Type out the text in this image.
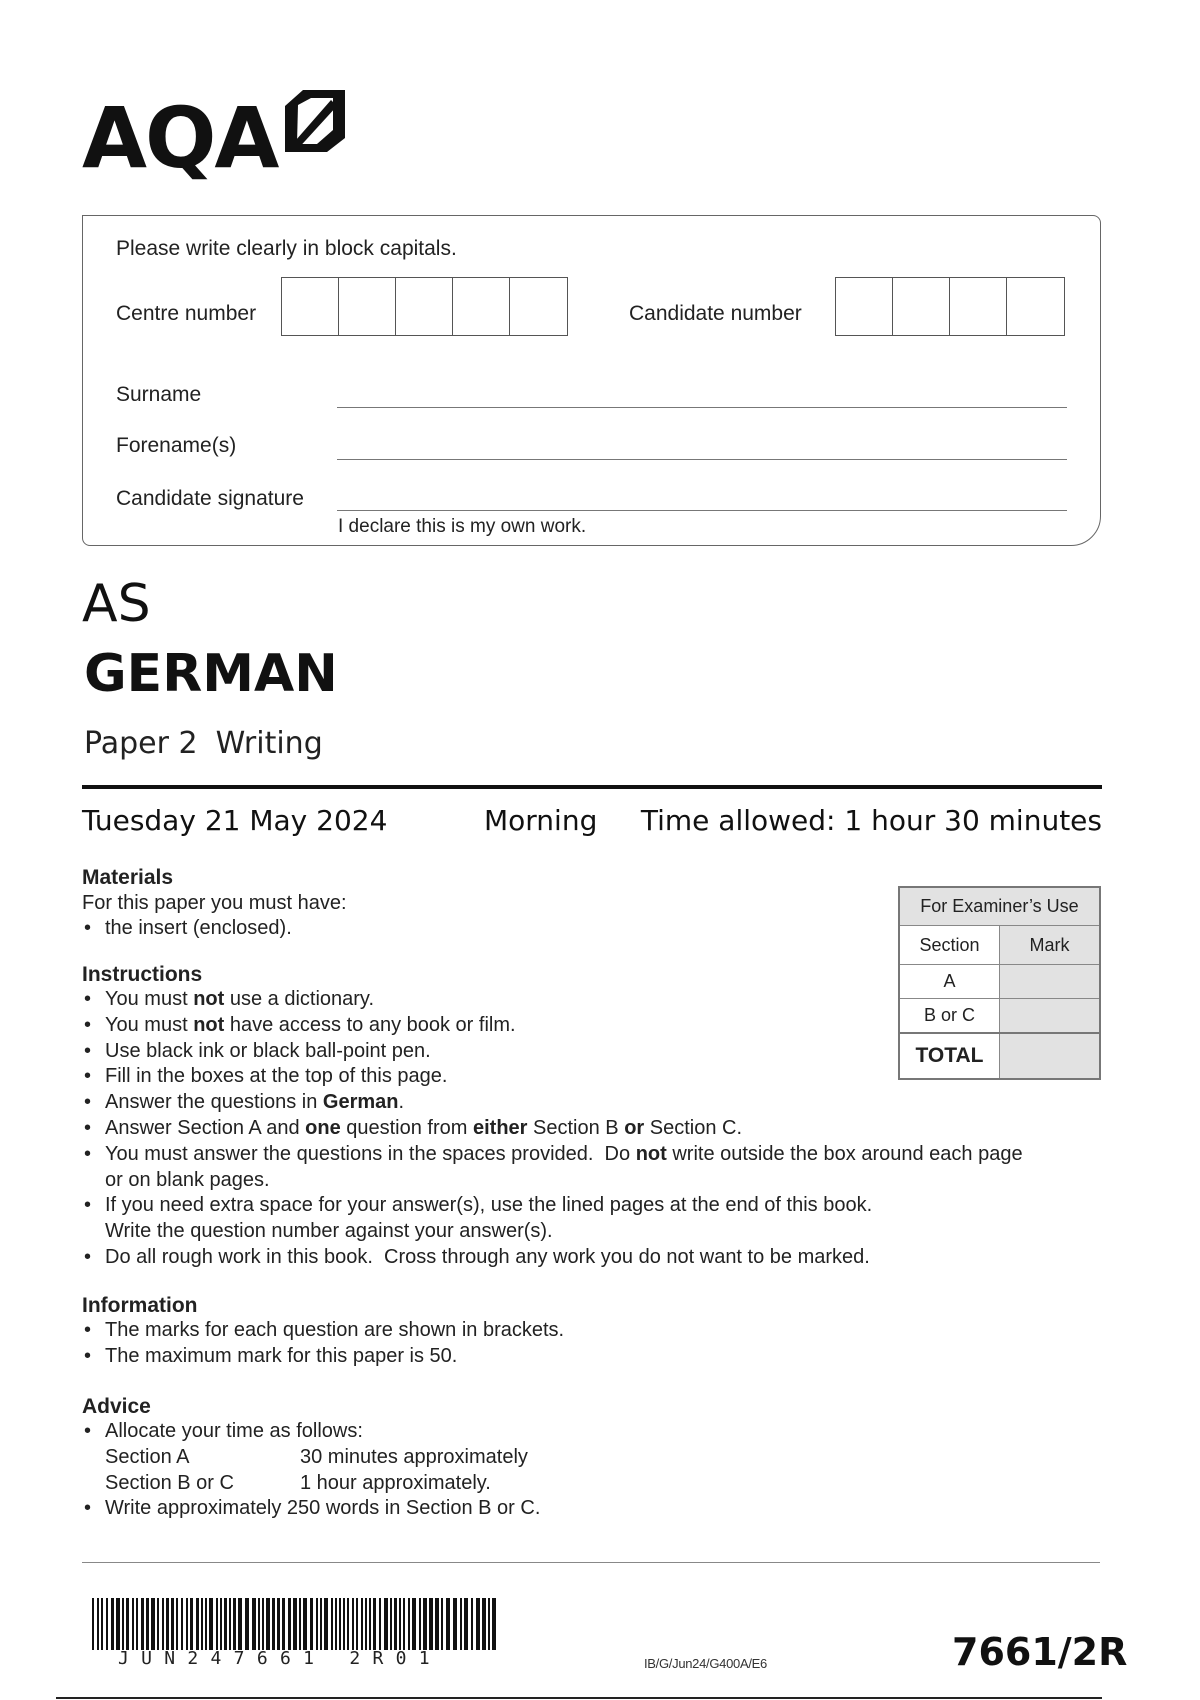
AQA
Please write clearly in block capitals.
Centre number	Candidate number
Surname
Forename(s)
Candidate signature
I declare this is my own work.
AS
GERMAN
Paper 2 Writing
Tuesday 21 May 2024	Morning Time allowed: 1 hour 30 minutes
Materials
For this paper you must have:
• the insert (enclosed).
For Examiner’s Use
Section	Mark
A
B or C
TOTAL
Instructions
• You must not use a dictionary.
• You must not have access to any book or film.
• Use black ink or black ball-point pen.
• Fill in the boxes at the top of this page.
• Answer the questions in German.
• Answer Section A and one question from either Section B or Section C.
• You must answer the questions in the spaces provided.  Do not write outside the box around each page
or on blank pages.
• If you need extra space for your answer(s), use the lined pages at the end of this book.
Write the question number against your answer(s).
• Do all rough work in this book.  Cross through any work you do not want to be marked.
Information
• The marks for each question are shown in brackets.
• The maximum mark for this paper is 50.
Advice
• Allocate your time as follows:
Section A	30 minutes approximately
Section B or C	1 hour approximately.
• Write approximately 250 words in Section B or C.
JUN247661 2R01	IB/G/Jun24/G400A/E6	7661/2R
